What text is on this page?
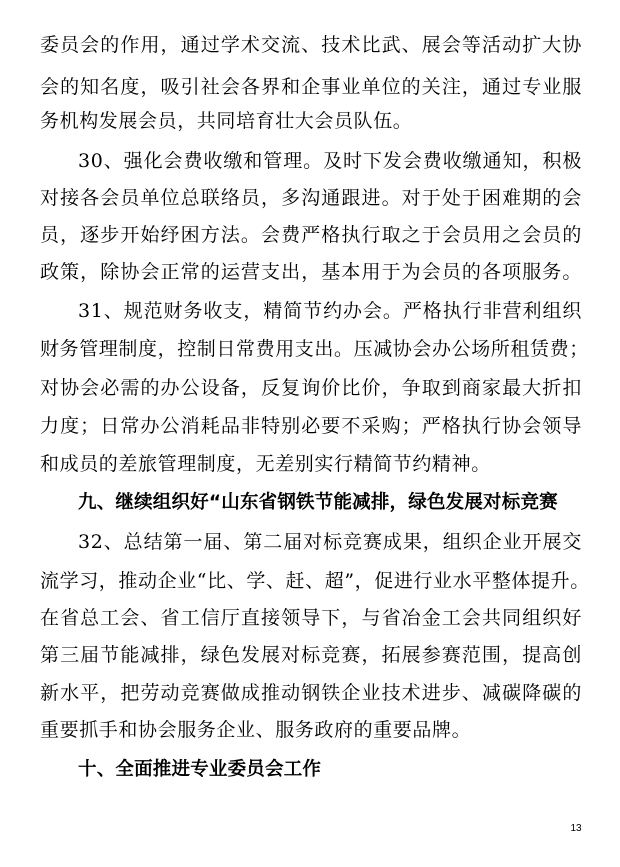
委员会的作用，通过学术交流、技术比武、展会等活动扩大协
会的知名度，吸引社会各界和企事业单位的关注，通过专业服
务机构发展会员，共同培育壮大会员队伍。
30、强化会费收缴和管理。及时下发会费收缴通知，积极
对接各会员单位总联络员，多沟通跟进。对于处于困难期的会
员，逐步开始纾困方法。会费严格执行取之于会员用之会员的
政策，除协会正常的运营支出，基本用于为会员的各项服务。
31、规范财务收支，精简节约办会。严格执行非营利组织
财务管理制度，控制日常费用支出。压减协会办公场所租赁费；
对协会必需的办公设备，反复询价比价，争取到商家最大折扣
力度；日常办公消耗品非特别必要不采购；严格执行协会领导
和成员的差旅管理制度，无差别实行精简节约精神。
九、继续组织好“山东省钢铁节能减排，绿色发展对标竞赛
32、总结第一届、第二届对标竞赛成果，组织企业开展交
流学习，推动企业“比、学、赶、超”，促进行业水平整体提升。
在省总工会、省工信厅直接领导下，与省冶金工会共同组织好
第三届节能减排，绿色发展对标竞赛，拓展参赛范围，提高创
新水平，把劳动竞赛做成推动钢铁企业技术进步、减碳降碳的
重要抓手和协会服务企业、服务政府的重要品牌。
十、全面推进专业委员会工作
13
